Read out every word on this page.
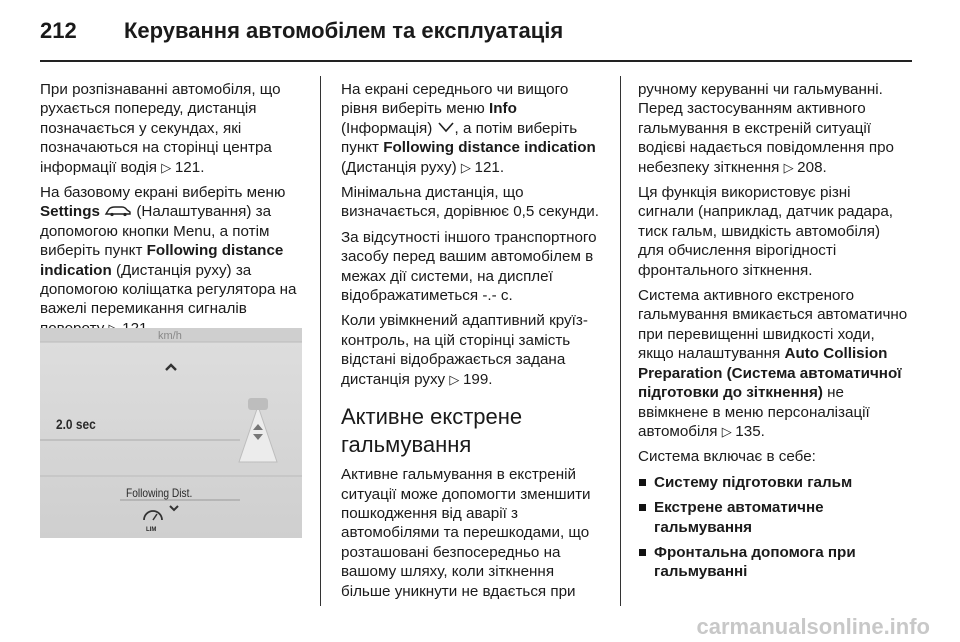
212	Керування автомобілем та експлуатація

При розпізнаванні автомобіля, що рухається попереду, дистанція позначається у секундах, які позначаються на сторінці центра інформації водія ▷ 121.

На базовому екрані виберіть меню Settings  (Налаштування) за допомогою кнопки Menu, а потім виберіть пункт Following distance indication (Дистанція руху) за допомогою коліщатка регулятора на важелі перемикання сигналів

km/h
2.0 sec
Following Dist.
LIM

На екрані середнього чи вищого рівня виберіть меню Info (Інформація) , а потім виберіть пункт Following distance indication (Дистанція руху) ▷ 121.

Мінімальна дистанція, що визначається, дорівнює 0,5 секунди.

За відсутності іншого транспортного засобу перед вашим автомобілем в межах дії системи, на дисплеї відображатиметься -.- с.

Коли увімкнений адаптивний круїз-контроль, на цій сторінці замість відстані відображається задана дистанція руху ▷ 199.

Активне екстрене гальмування

Активне гальмування в екстреній ситуації може допомогти зменшити пошкодження від аварії з автомобілями та перешкодами, що розташовані безпосередньо на вашому шляху, коли зіткнення більше уникнути не вдається при

ручному керуванні чи гальмуванні. Перед застосуванням активного гальмування в екстреній ситуації водієві надається повідомлення про небезпеку зіткнення ▷ 208.

Ця функція використовує різні сигнали (наприклад, датчик радара, тиск гальм, швидкість автомобіля) для обчислення вірогідності фронтального зіткнення.

Система активного екстреного гальмування вмикається автоматично при перевищенні швидкості ходи, якщо налаштування Auto Collision Preparation (Система автоматичної підготовки до зіткнення) не ввімкнене в меню персоналізації автомобіля ▷ 135.

Система включає в себе:

Систему підготовки гальм
Екстрене автоматичне гальмування
Фронтальна допомога при гальмуванні
carmanualsonline.info
